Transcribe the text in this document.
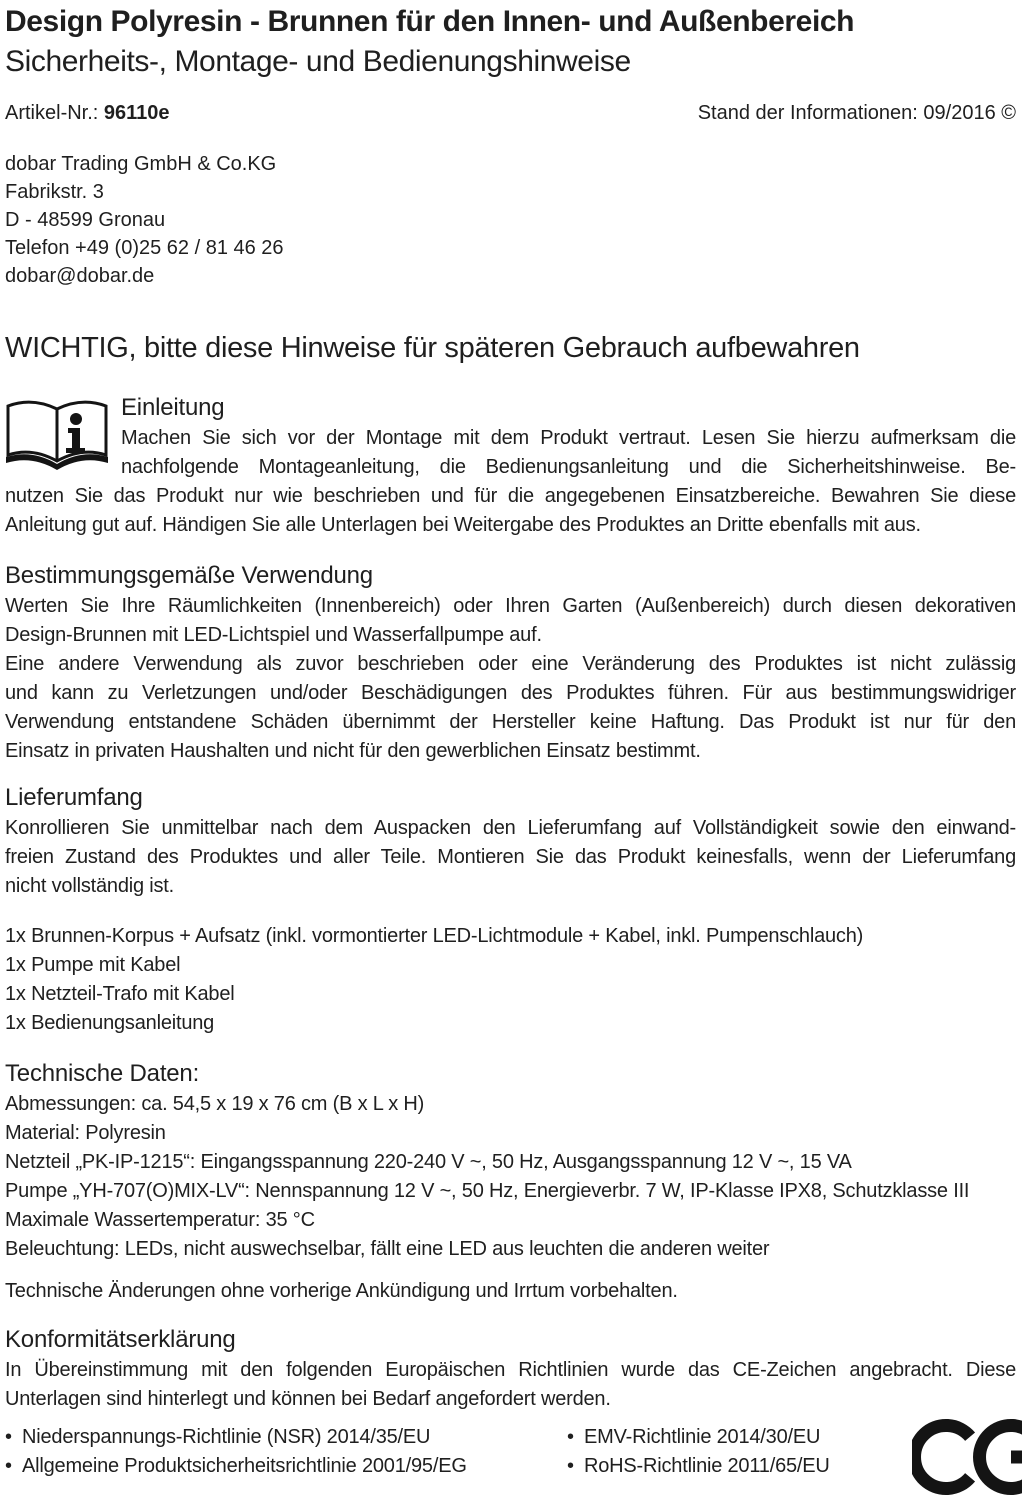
Design Polyresin - Brunnen für den Innen- und Außenbereich
Sicherheits-, Montage- und Bedienungshinweise
Artikel-Nr.: 96110e	Stand der Informationen: 09/2016 ©
dobar Trading GmbH & Co.KG
Fabrikstr. 3
D - 48599 Gronau
Telefon +49 (0)25 62 / 81 46 26
dobar@dobar.de
WICHTIG, bitte diese Hinweise für späteren Gebrauch aufbewahren
Einleitung
Machen Sie sich vor der Montage mit dem Produkt vertraut. Lesen Sie hierzu aufmerksam die
nachfolgende Montageanleitung, die Bedienungsanleitung und die Sicherheitshinweise. Be-
nutzen Sie das Produkt nur wie beschrieben und für die angegebenen Einsatzbereiche. Bewahren Sie diese
Anleitung gut auf. Händigen Sie alle Unterlagen bei Weitergabe des Produktes an Dritte ebenfalls mit aus.
Bestimmungsgemäße Verwendung
Werten Sie Ihre Räumlichkeiten (Innenbereich) oder Ihren Garten (Außenbereich) durch diesen dekorativen
Design-Brunnen mit LED-Lichtspiel und Wasserfallpumpe auf.
Eine andere Verwendung als zuvor beschrieben oder eine Veränderung des Produktes ist nicht zulässig
und kann zu Verletzungen und/oder Beschädigungen des Produktes führen. Für aus bestimmungswidriger
Verwendung entstandene Schäden übernimmt der Hersteller keine Haftung. Das Produkt ist nur für den
Einsatz in privaten Haushalten und nicht für den gewerblichen Einsatz bestimmt.
Lieferumfang
Konrollieren Sie unmittelbar nach dem Auspacken den Lieferumfang auf Vollständigkeit sowie den einwand-
freien Zustand des Produktes und aller Teile. Montieren Sie das Produkt keinesfalls, wenn der Lieferumfang
nicht vollständig ist.
1x Brunnen-Korpus + Aufsatz (inkl. vormontierter LED-Lichtmodule + Kabel, inkl. Pumpenschlauch)
1x Pumpe mit Kabel
1x Netzteil-Trafo mit Kabel
1x Bedienungsanleitung
Technische Daten:
Abmessungen: ca. 54,5 x 19 x 76 cm (B x L x H)
Material: Polyresin
Netzteil „PK-IP-1215“: Eingangsspannung 220-240 V ~, 50 Hz, Ausgangsspannung 12 V ~, 15 VA
Pumpe „YH-707(O)MIX-LV“: Nennspannung 12 V ~, 50 Hz, Energieverbr. 7 W, IP-Klasse IPX8, Schutzklasse III
Maximale Wassertemperatur: 35 °C
Beleuchtung: LEDs, nicht auswechselbar, fällt eine LED aus leuchten die anderen weiter
Technische Änderungen ohne vorherige Ankündigung und Irrtum vorbehalten.
Konformitätserklärung
In Übereinstimmung mit den folgenden Europäischen Richtlinien wurde das CE-Zeichen angebracht. Diese
Unterlagen sind hinterlegt und können bei Bedarf angefordert werden.
• Niederspannungs-Richtlinie (NSR) 2014/35/EU	• EMV-Richtlinie 2014/30/EU
• Allgemeine Produktsicherheitsrichtlinie 2001/95/EG	• RoHS-Richtlinie 2011/65/EU
